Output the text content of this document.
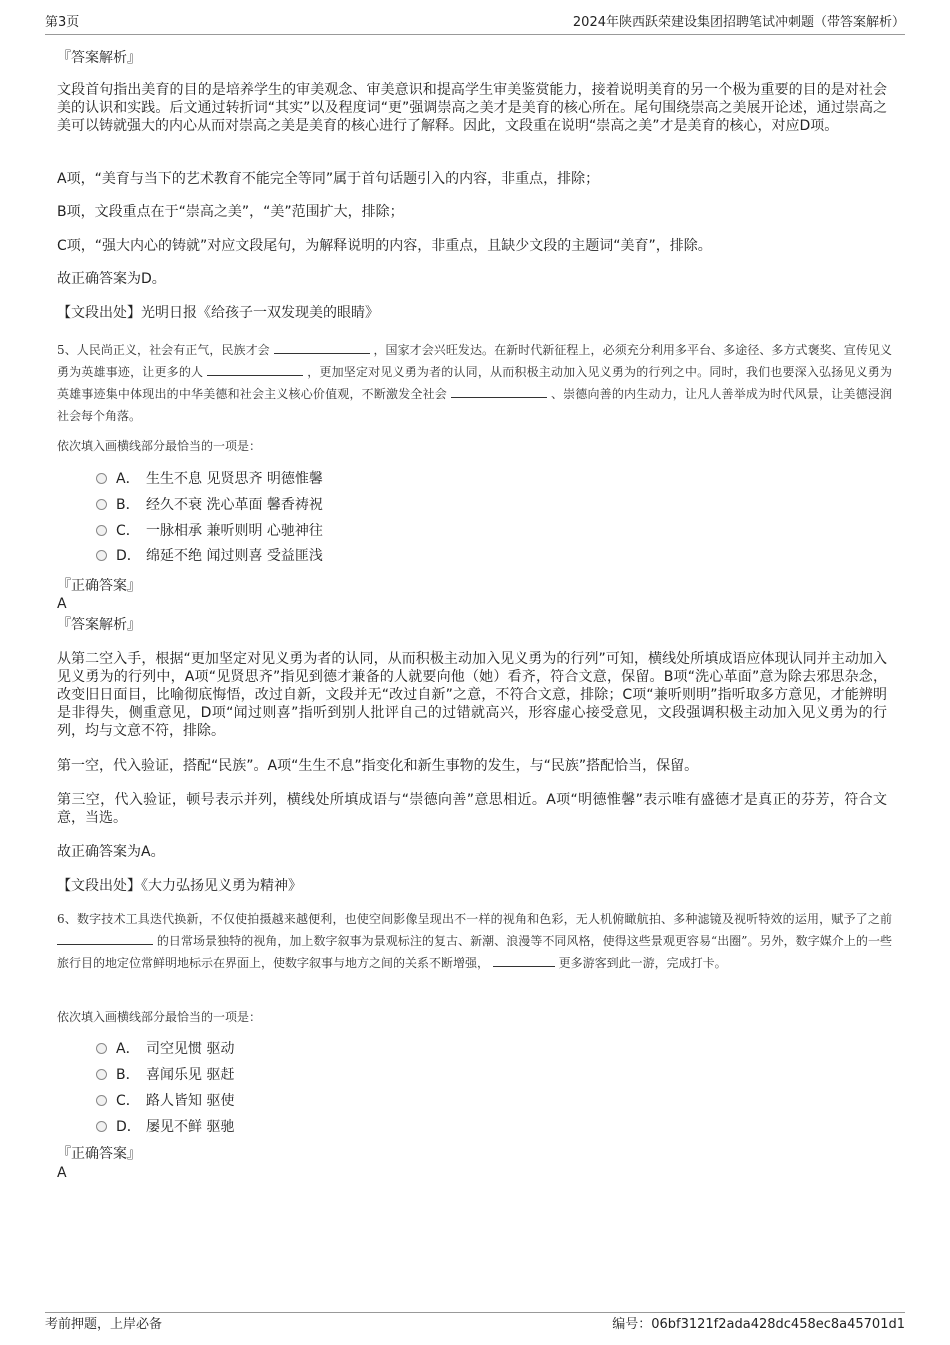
第3页	2024年陕西跃荣建设集团招聘笔试冲刺题（带答案解析）
『答案解析』
文段首句指出美育的目的是培养学生的审美观念、审美意识和提高学生审美鉴赏能力，接着说明美育的另一个极为重要的目的是对社会美的认识和实践。后文通过转折词“其实”以及程度词“更”强调崇高之美才是美育的核心所在。尾句围绕崇高之美展开论述，通过崇高之美可以铸就强大的内心从而对崇高之美是美育的核心进行了解释。因此，文段重在说明“崇高之美”才是美育的核心，对应D项。
A项，“美育与当下的艺术教育不能完全等同”属于首句话题引入的内容，非重点，排除；
B项，文段重点在于“崇高之美”，“美”范围扩大，排除；
C项，“强大内心的铸就”对应文段尾句，为解释说明的内容，非重点，且缺少文段的主题词“美育”，排除。
故正确答案为D。
【文段出处】光明日报《给孩子一双发现美的眼睛》
5、人民尚正义，社会有正气，民族才会	，国家才会兴旺发达。在新时代新征程上，必须充分利用多平台、多途径、多方式褒奖、宣传见义勇为英雄事迹，让更多的人	，更加坚定对见义勇为者的认同，从而积极主动加入见义勇为的行列之中。同时，我们也要深入弘扬见义勇为英雄事迹集中体现出的中华美德和社会主义核心价值观，不断激发全社会	、崇德向善的内生动力，让凡人善举成为时代风景，让美德浸润社会每个角落。
依次填入画横线部分最恰当的一项是：
A． 生生不息 见贤思齐 明德惟馨
B． 经久不衰 洗心革面 馨香祷祝
C． 一脉相承 兼听则明 心驰神往
D． 绵延不绝 闻过则喜 受益匪浅
『正确答案』
A
『答案解析』
从第二空入手，根据“更加坚定对见义勇为者的认同，从而积极主动加入见义勇为的行列”可知，横线处所填成语应体现认同并主动加入见义勇为的行列中，A项“见贤思齐”指见到德才兼备的人就要向他（她）看齐，符合文意，保留。B项“洗心革面”意为除去邪思杂念，改变旧日面目，比喻彻底悔悟，改过自新，文段并无“改过自新”之意，不符合文意，排除；C项“兼听则明”指听取多方意见，才能辨明是非得失，侧重意见，D项“闻过则喜”指听到别人批评自己的过错就高兴，形容虚心接受意见，文段强调积极主动加入见义勇为的行列，均与文意不符，排除。
第一空，代入验证，搭配“民族”。A项“生生不息”指变化和新生事物的发生，与“民族”搭配恰当，保留。
第三空，代入验证，顿号表示并列，横线处所填成语与“崇德向善”意思相近。A项“明德惟馨”表示唯有盛德才是真正的芬芳，符合文意，当选。
故正确答案为A。
【文段出处】《大力弘扬见义勇为精神》
6、数字技术工具迭代换新，不仅使拍摄越来越便利，也使空间影像呈现出不一样的视角和色彩，无人机俯瞰航拍、多种滤镜及视听特效的运用，赋予了之前  的日常场景独特的视角，加上数字叙事为景观标注的复古、新潮、浪漫等不同风格，使得这些景观更容易“出圈”。另外，数字媒介上的一些旅行目的地定位常鲜明地标示在界面上，使数字叙事与地方之间的关系不断增强，	更多游客到此一游，完成打卡。
依次填入画横线部分最恰当的一项是：
A． 司空见惯 驱动
B． 喜闻乐见 驱赶
C． 路人皆知 驱使
D． 屡见不鲜 驱驰
『正确答案』
A
考前押题，上岸必备	编号：06bf3121f2ada428dc458ec8a45701d1
